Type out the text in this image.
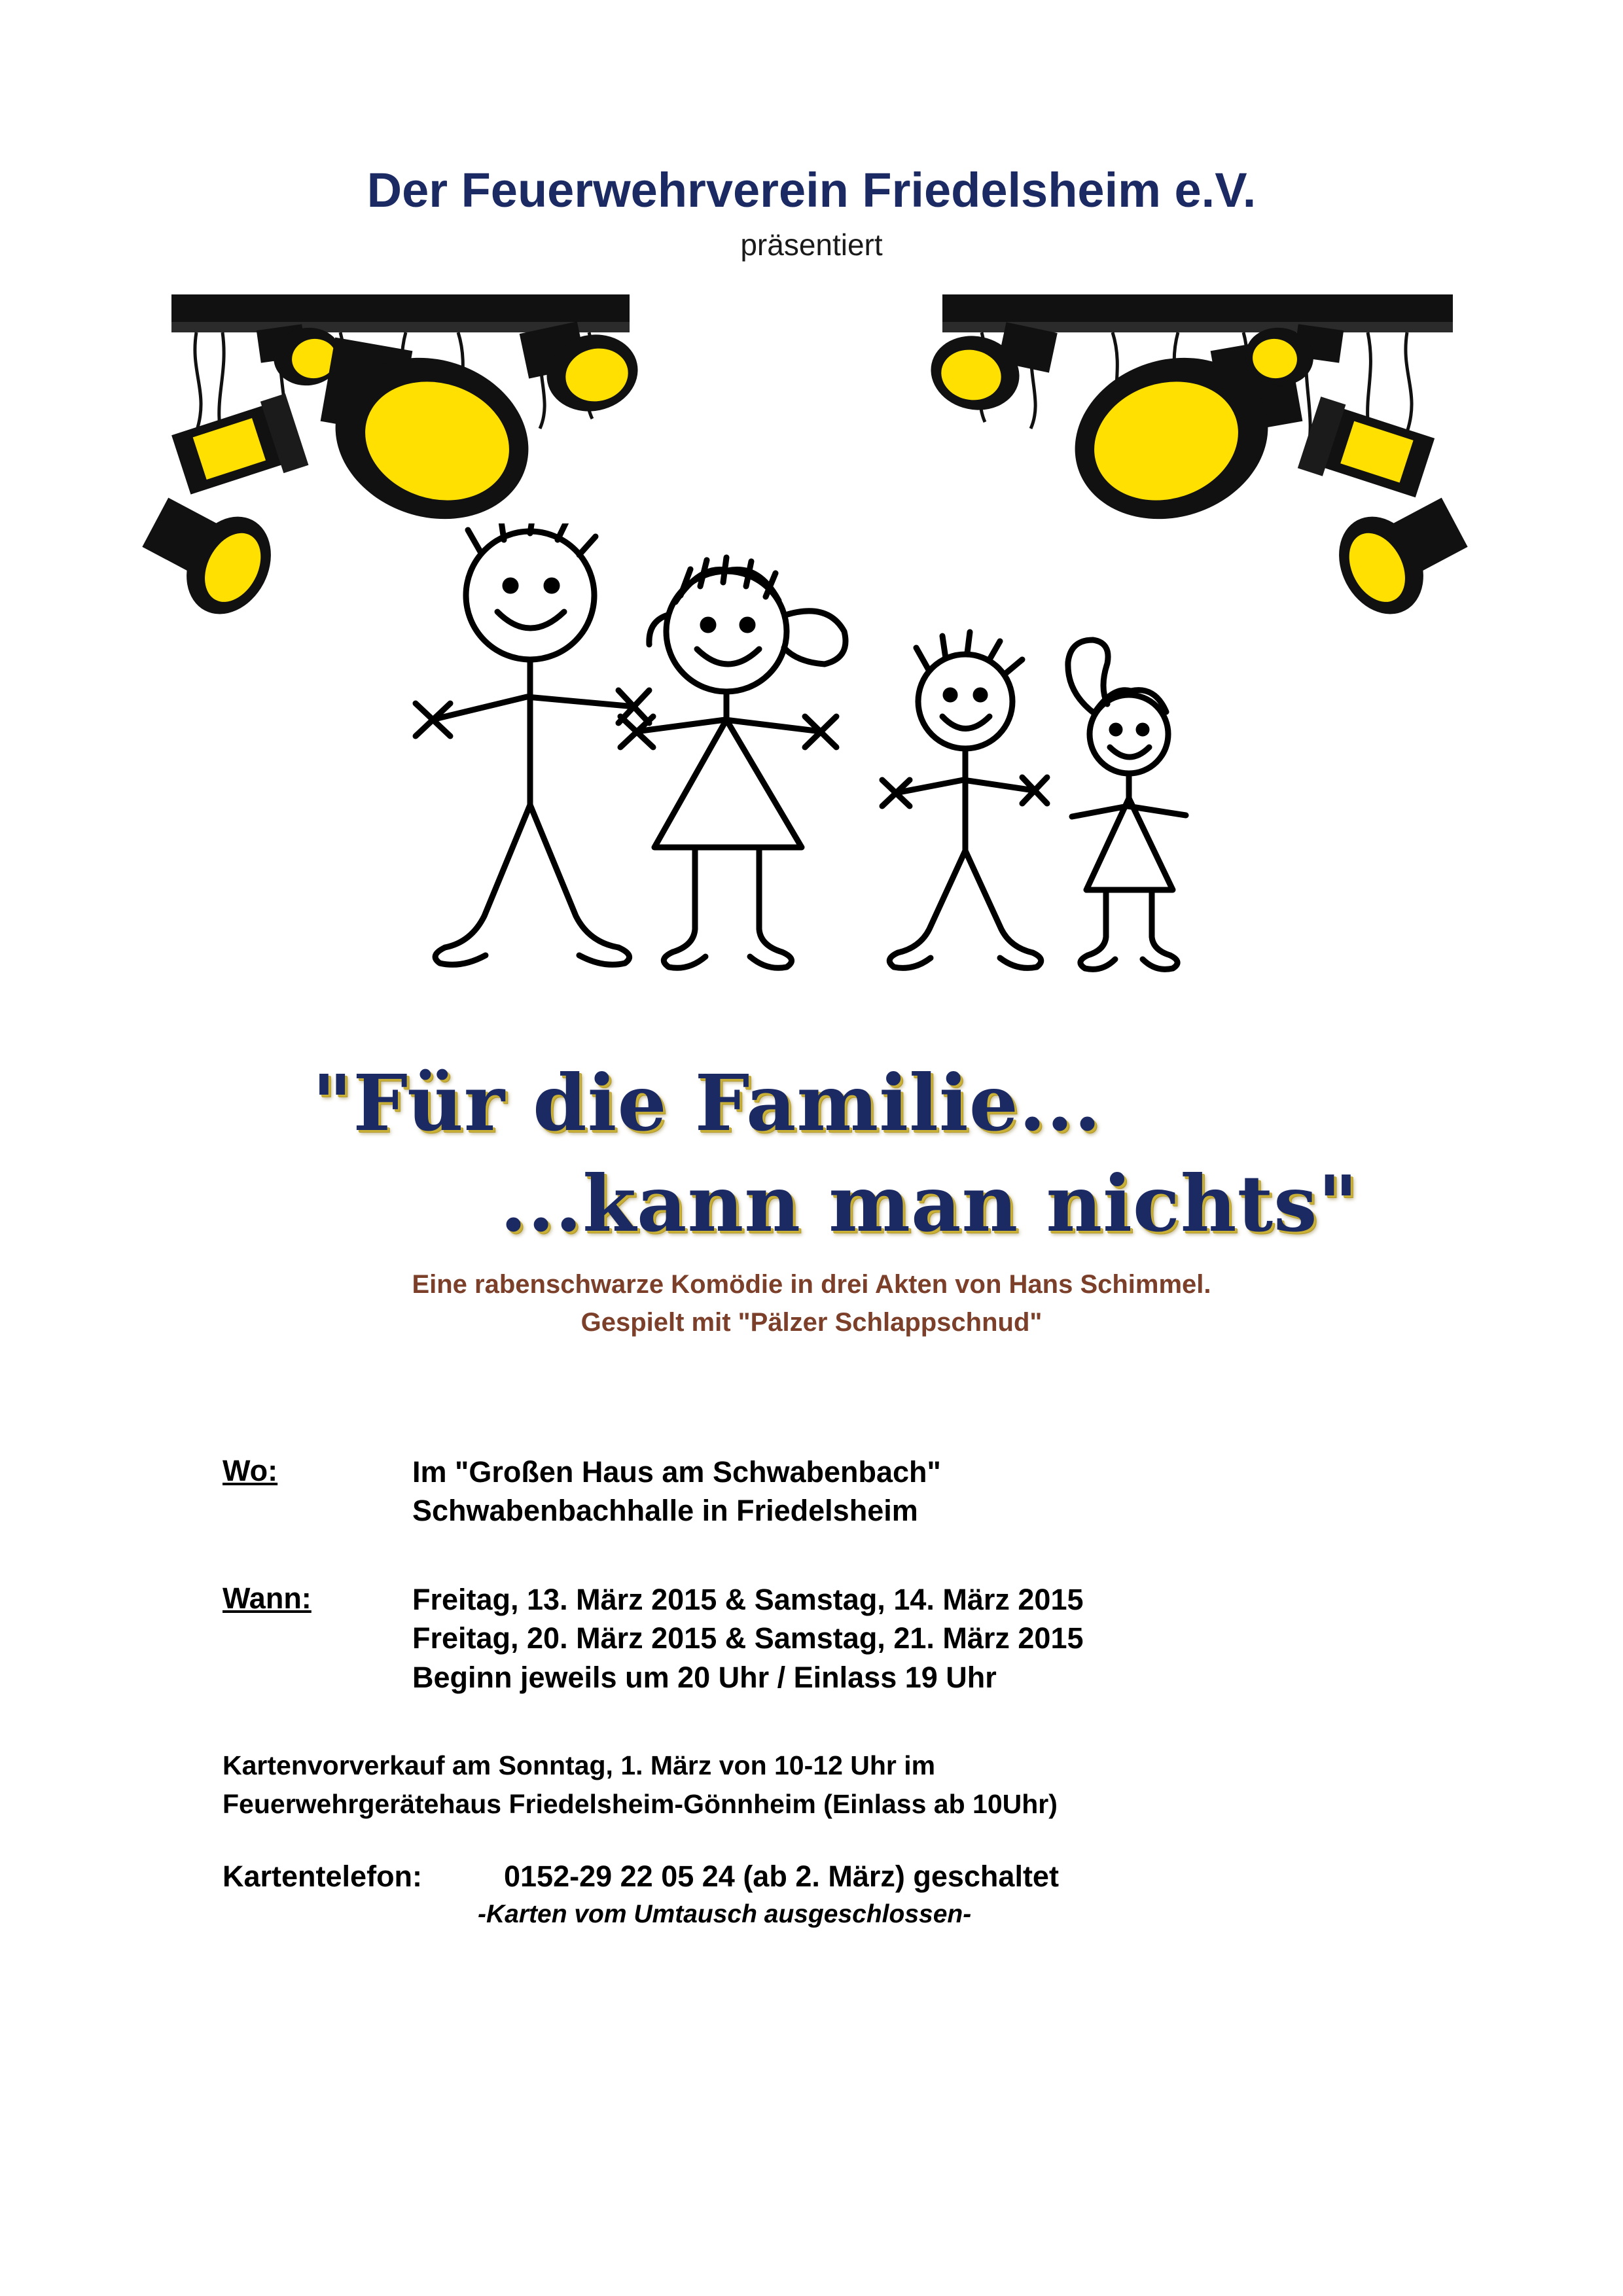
Der Feuerwehrverein Friedelsheim e.V.
präsentiert
"Für die Familie...
...kann man nichts"
Eine rabenschwarze Komödie in drei Akten von Hans Schimmel.
Gespielt mit "Pälzer Schlappschnud"
Wo:	Im "Großen Haus am Schwabenbach"
Schwabenbachhalle in Friedelsheim
Wann:	Freitag, 13. März 2015 & Samstag, 14. März 2015
Freitag, 20. März 2015 & Samstag, 21. März 2015
Beginn jeweils um 20 Uhr / Einlass 19 Uhr
Kartenvorverkauf am Sonntag, 1. März von 10-12 Uhr im
Feuerwehrgerätehaus Friedelsheim-Gönnheim (Einlass ab 10Uhr)
Kartentelefon:	0152-29 22 05 24 (ab 2. März) geschaltet
-Karten vom Umtausch ausgeschlossen-
